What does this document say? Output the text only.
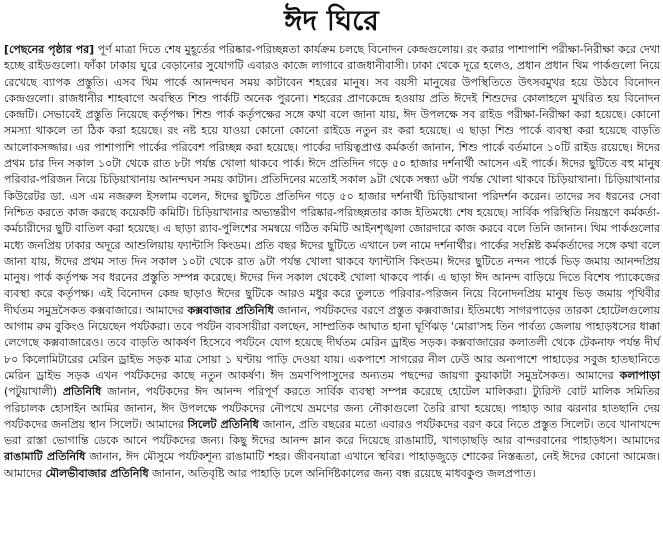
ঈদ ঘিরে

[পেছনের পৃষ্ঠার পর] পূর্ণ মাত্রা দিতে শেষ মুহূর্তের পরিষ্কার-পরিচ্ছন্নতা কার্যক্রম চলছে বিনোদন কেন্দ্রগুলোয়। রং করার পাশাপাশি পরীক্ষা-নিরীক্ষা করে দেখা হচ্ছে রাইডগুলো। ফাঁকা ঢাকায় ঘুরে বেড়ানোর সুযোগটি এবারও কাজে লাগাবে রাজধানীবাসী। ঢাকা থেকে দূরে হলেও, প্রধান প্রধান থিম পার্কগুলো নিয়ে রেখেছে ব্যাপক প্রস্তুতি। এসব থিম পার্কে আনন্দঘন সময় কাটাবেন শহরের মানুষ। সব বয়সী মানুষের উপস্থিতিতে উৎসবমুখর হয়ে উঠবে বিনোদন কেন্দ্রগুলো। রাজধানীর শাহবাগে অবস্থিত শিশু পার্কটি অনেক পুরনো। শহরের প্রাণকেন্দ্রে হওয়ায় প্রতি ঈদেই শিশুদের কোলাহলে মুখরিত হয় বিনোদন কেন্দ্রটি। সেভাবেই প্রস্তুতি নিয়েছে কর্তৃপক্ষ। শিশু পার্ক কর্তৃপক্ষের সঙ্গে কথা বলে জানা যায়, ঈদ উপলক্ষে সব রাইড পরীক্ষা-নিরীক্ষা করা হয়েছে। কোনো সমস্যা থাকলে তা ঠিক করা হয়েছে। রং নষ্ট হয়ে যাওয়া কোনো কোনো রাইডে নতুন রং করা হয়েছে। এ ছাড়া শিশু পার্কে ব্যবস্থা করা হয়েছে বাড়তি আলোকসজ্জার। এর পাশাপাশি পার্কের পরিবেশ পরিচ্ছন্ন করা হয়েছে। পার্কের দায়িত্বপ্রাপ্ত কর্মকর্তা জানান, শিশু পার্কে বর্তমানে ১০টি রাইড রয়েছে। ঈদের প্রথম চার দিন সকাল ১০টা থেকে রাত ৮টা পর্যন্ত খোলা থাকবে পার্ক। ঈদে প্রতিদিন গড়ে ৫০ হাজার দর্শনার্থী আসেন এই পার্কে। ঈদের ছুটিতে বহু মানুষ পরিবার-পরিজন নিয়ে চিড়িয়াখানায় আনন্দঘন সময় কাটান। প্রতিদিনের মতোই সকাল ৯টা থেকে সন্ধ্যা ৬টা পর্যন্ত খোলা থাকবে চিড়িয়াখানা। চিড়িয়াখানার কিউরেটর ডা. এস এম নজরুল ইসলাম বলেন, ঈদের ছুটিতে প্রতিদিন গড়ে ৫০ হাজার দর্শনার্থী চিড়িয়াখানা পরিদর্শন করেন। তাদের সব ধরনের সেবা নিশ্চিত করতে কাজ করছে কয়েকটি কমিটি। চিড়িয়াখানার অভ্যন্তরীণ পরিষ্কার-পরিচ্ছন্নতার কাজ ইতিমধ্যে শেষ হয়েছে। সার্বিক পরিস্থিতি নিয়ন্ত্রণে কর্মকর্তা-কর্মচারীদের ছুটি বাতিল করা হয়েছে। এ ছাড়া র‍্যাব-পুলিশের সমন্বয়ে গঠিত কমিটি আইনশৃঙ্খলা জোরদারে কাজ করবে বলে তিনি জানান। থিম পার্কগুলোর মধ্যে জনপ্রিয় ঢাকার অদূরে আশুলিয়ায় ফ্যান্টাসি কিংডম। প্রতি বছর ঈদের ছুটিতে এখানে ঢল নামে দর্শনার্থীর। পার্কের সংশ্লিষ্ট কর্মকর্তাদের সঙ্গে কথা বলে জানা যায়, ঈদের প্রথম সাত দিন সকাল ১০টা থেকে রাত ৯টা পর্যন্ত খোলা থাকবে ফ্যান্টাসি কিংডম। ঈদের ছুটিতে নন্দন পার্কে ভিড় জমায় আনন্দপ্রিয় মানুষ। পার্ক কর্তৃপক্ষ সব ধরনের প্রস্তুতি সম্পন্ন করেছে। ঈদের দিন সকাল থেকেই খোলা থাকবে পার্ক। এ ছাড়া ঈদ আনন্দ বাড়িয়ে দিতে বিশেষ প্যাকেজের ব্যবস্থা করে কর্তৃপক্ষ। এই বিনোদন কেন্দ্র ছাড়াও ঈদের ছুটিকে আরও মধুর করে তুলতে পরিবার-পরিজন নিয়ে বিনোদনপ্রিয় মানুষ ভিড় জমায় পৃথিবীর দীর্ঘতম সমুদ্রসৈকত কক্সবাজারে। আমাদের কক্সবাজার প্রতিনিধি জানান, পর্যটকদের বরণে প্রস্তুত কক্সবাজার। ইতিমধ্যে সাগরপাড়ের তারকা হোটেলগুলোয় আগাম রুম বুকিংও নিয়েছেন পর্যটকরা। তবে পর্যটন ব্যবসায়ীরা বলছেন, সাম্প্রতিক আঘাত হানা ঘূর্ণিঝড় 'মোরা'সহ তিন পার্বত্য জেলায় পাহাড়ধসের ধাক্কা লেগেছে কক্সবাজারেও। তবে বাড়তি আকর্ষণ হিসেবে পর্যটনে যোগ হয়েছে দীর্ঘতম মেরিন ড্রাইভ সড়ক। কক্সবাজারের কলাতলী থেকে টেকনাফ পর্যন্ত দীর্ঘ ৮০ কিলোমিটারের মেরিন ড্রাইভ সড়ক মাত্র সোয়া ১ ঘণ্টায় পাড়ি দেওয়া যায়। একপাশে সাগরের নীল ঢেউ আর অন্যপাশে পাহাড়ের সবুজ হাতছানিতে মেরিন ড্রাইভ সড়ক এখন পর্যটকদের কাছে নতুন আকর্ষণ। ঈদ ভ্রমণপিপাসুদের অন্যতম পছন্দের জায়গা কুয়াকাটা সমুদ্রসৈকত। আমাদের কলাপাড়া (পটুয়াখালী) প্রতিনিধি জানান, পর্যটকদের ঈদ আনন্দ পরিপূর্ণ করতে সার্বিক ব্যবস্থা সম্পন্ন করেছে হোটেল মালিকরা। ট্যুরিস্ট বোট মালিক সমিতির পরিচালক হোসাইন আমির জানান, ঈদ উপলক্ষে পর্যটকদের নৌপথে ভ্রমণের জন্য নৌকাগুলো তৈরি রাখা হয়েছে। পাহাড় আর ঝরনার হাতছানি দেয় পর্যটকদের জনপ্রিয় স্থান সিলেট। আমাদের সিলেট প্রতিনিধি জানান, প্রতি বছরের মতো এবারও পর্যটকদের বরণ করে নিতে প্রস্তুত সিলেট। তবে খানাখন্দে ভরা রাস্তা ভোগান্তি ডেকে আনে পর্যটকদের জন্য। কিছু ঈদের আনন্দ ম্লান করে দিয়েছে রাঙামাটি, খাগড়াছড়ি আর বান্দরবানের পাহাড়ধস। আমাদের রাঙামাটি প্রতিনিধি জানান, ঈদ মৌসুমে পর্যটকশূন্য রাঙামাটি শহর। জীবনযাত্রা এখানে স্থবির। পাহাড়জুড়ে শোকের নিস্তব্ধতা, নেই ঈদের কোনো আমেজ। আমাদের মৌলভীবাজার প্রতিনিধি জানান, অতিবৃষ্টি আর পাহাড়ি ঢলে অনির্দিষ্টকালের জন্য বন্ধ রয়েছে মাধবকুণ্ড জলপ্রপাত।
